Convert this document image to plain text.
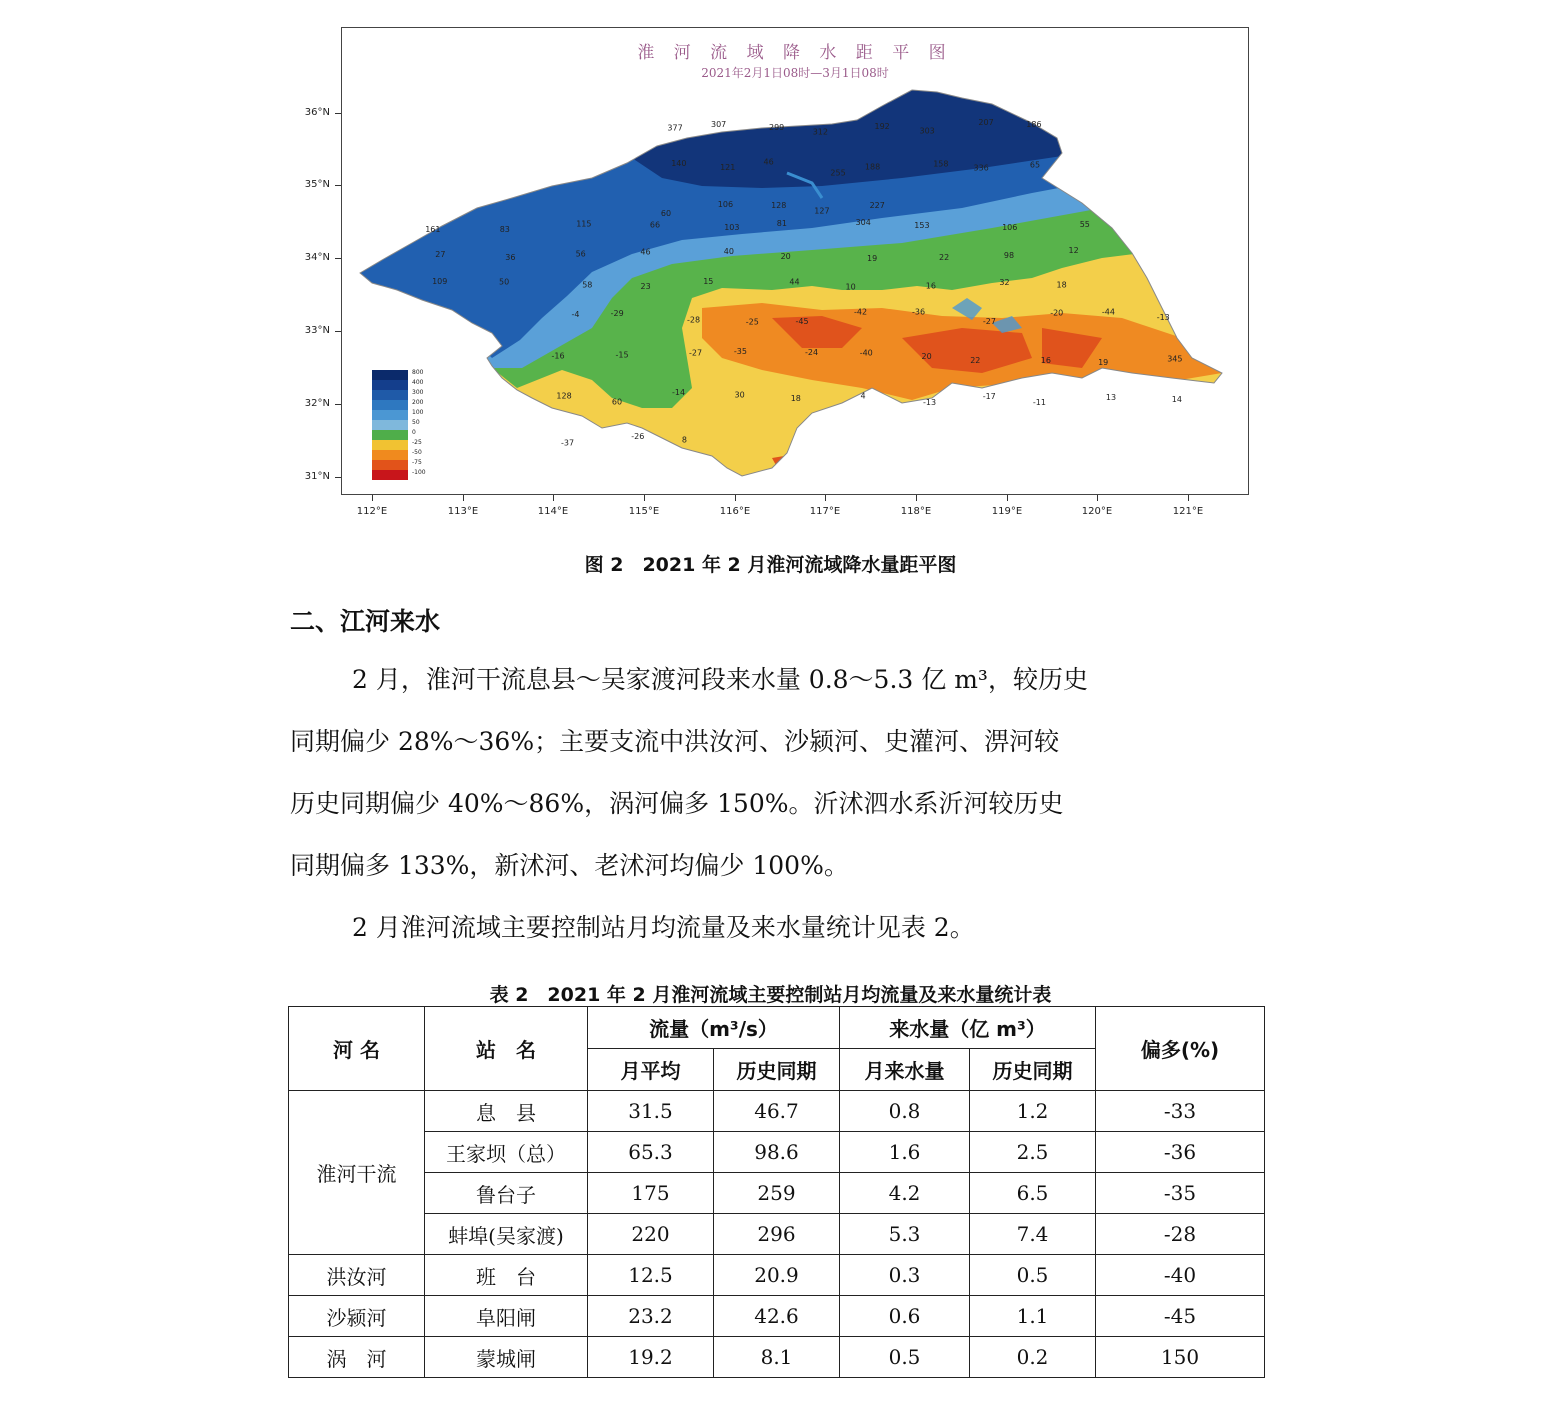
淮 河 流 域 降 水 距 平 图
2021年2月1日08时—3月1日08时
377	307	299	312
192
303
207	186
140	121
46
255
188	158	336	65
60
106	128
127
227
161	83
115	66	103	81	304	153	106	55
27	36	56	46	40
20	19	22	98
12
109	50	58	23
15	44
10	16	32	18
-4	-29
-28	-25	-45
-42	-36
-27
-20	-44
-13
-16	-15	-27	-35	-24	-40	20	22	16	19	345
128
60
-14	30	18	4
-13
-17
-11
13	14
-37
-26	8
800
400
300
200
100
50
0
-25
-50
-75
-100
36°N
35°N
34°N
33°N
32°N
31°N
112°E	113°E	114°E	115°E	116°E	117°E	118°E	119°E	120°E	121°E
图 2　2021 年 2 月淮河流域降水量距平图
二、江河来水
2 月，淮河干流息县～吴家渡河段来水量 0.8～5.3 亿 m³，较历史
同期偏少 28%～36%；主要支流中洪汝河、沙颍河、史灌河、淠河较
历史同期偏少 40%～86%，涡河偏多 150%。沂沭泗水系沂河较历史
同期偏多 133%，新沭河、老沭河均偏少 100%。
2 月淮河流域主要控制站月均流量及来水量统计见表 2。
表 2　2021 年 2 月淮河流域主要控制站月均流量及来水量统计表
河 名	站　名	流量（m³/s）		来水量（亿 m³）		偏多(%)
		月平均	历史同期	月来水量	历史同期	
淮河干流	息　县	31.5	46.7	0.8	1.2	-33
	王家坝（总）	65.3	98.6	1.6	2.5	-36
	鲁台子	175	259	4.2	6.5	-35
	蚌埠(吴家渡)	220	296	5.3	7.4	-28
洪汝河	班　台	12.5	20.9	0.3	0.5	-40
沙颍河	阜阳闸	23.2	42.6	0.6	1.1	-45
涡　河	蒙城闸	19.2	8.1	0.5	0.2	150
